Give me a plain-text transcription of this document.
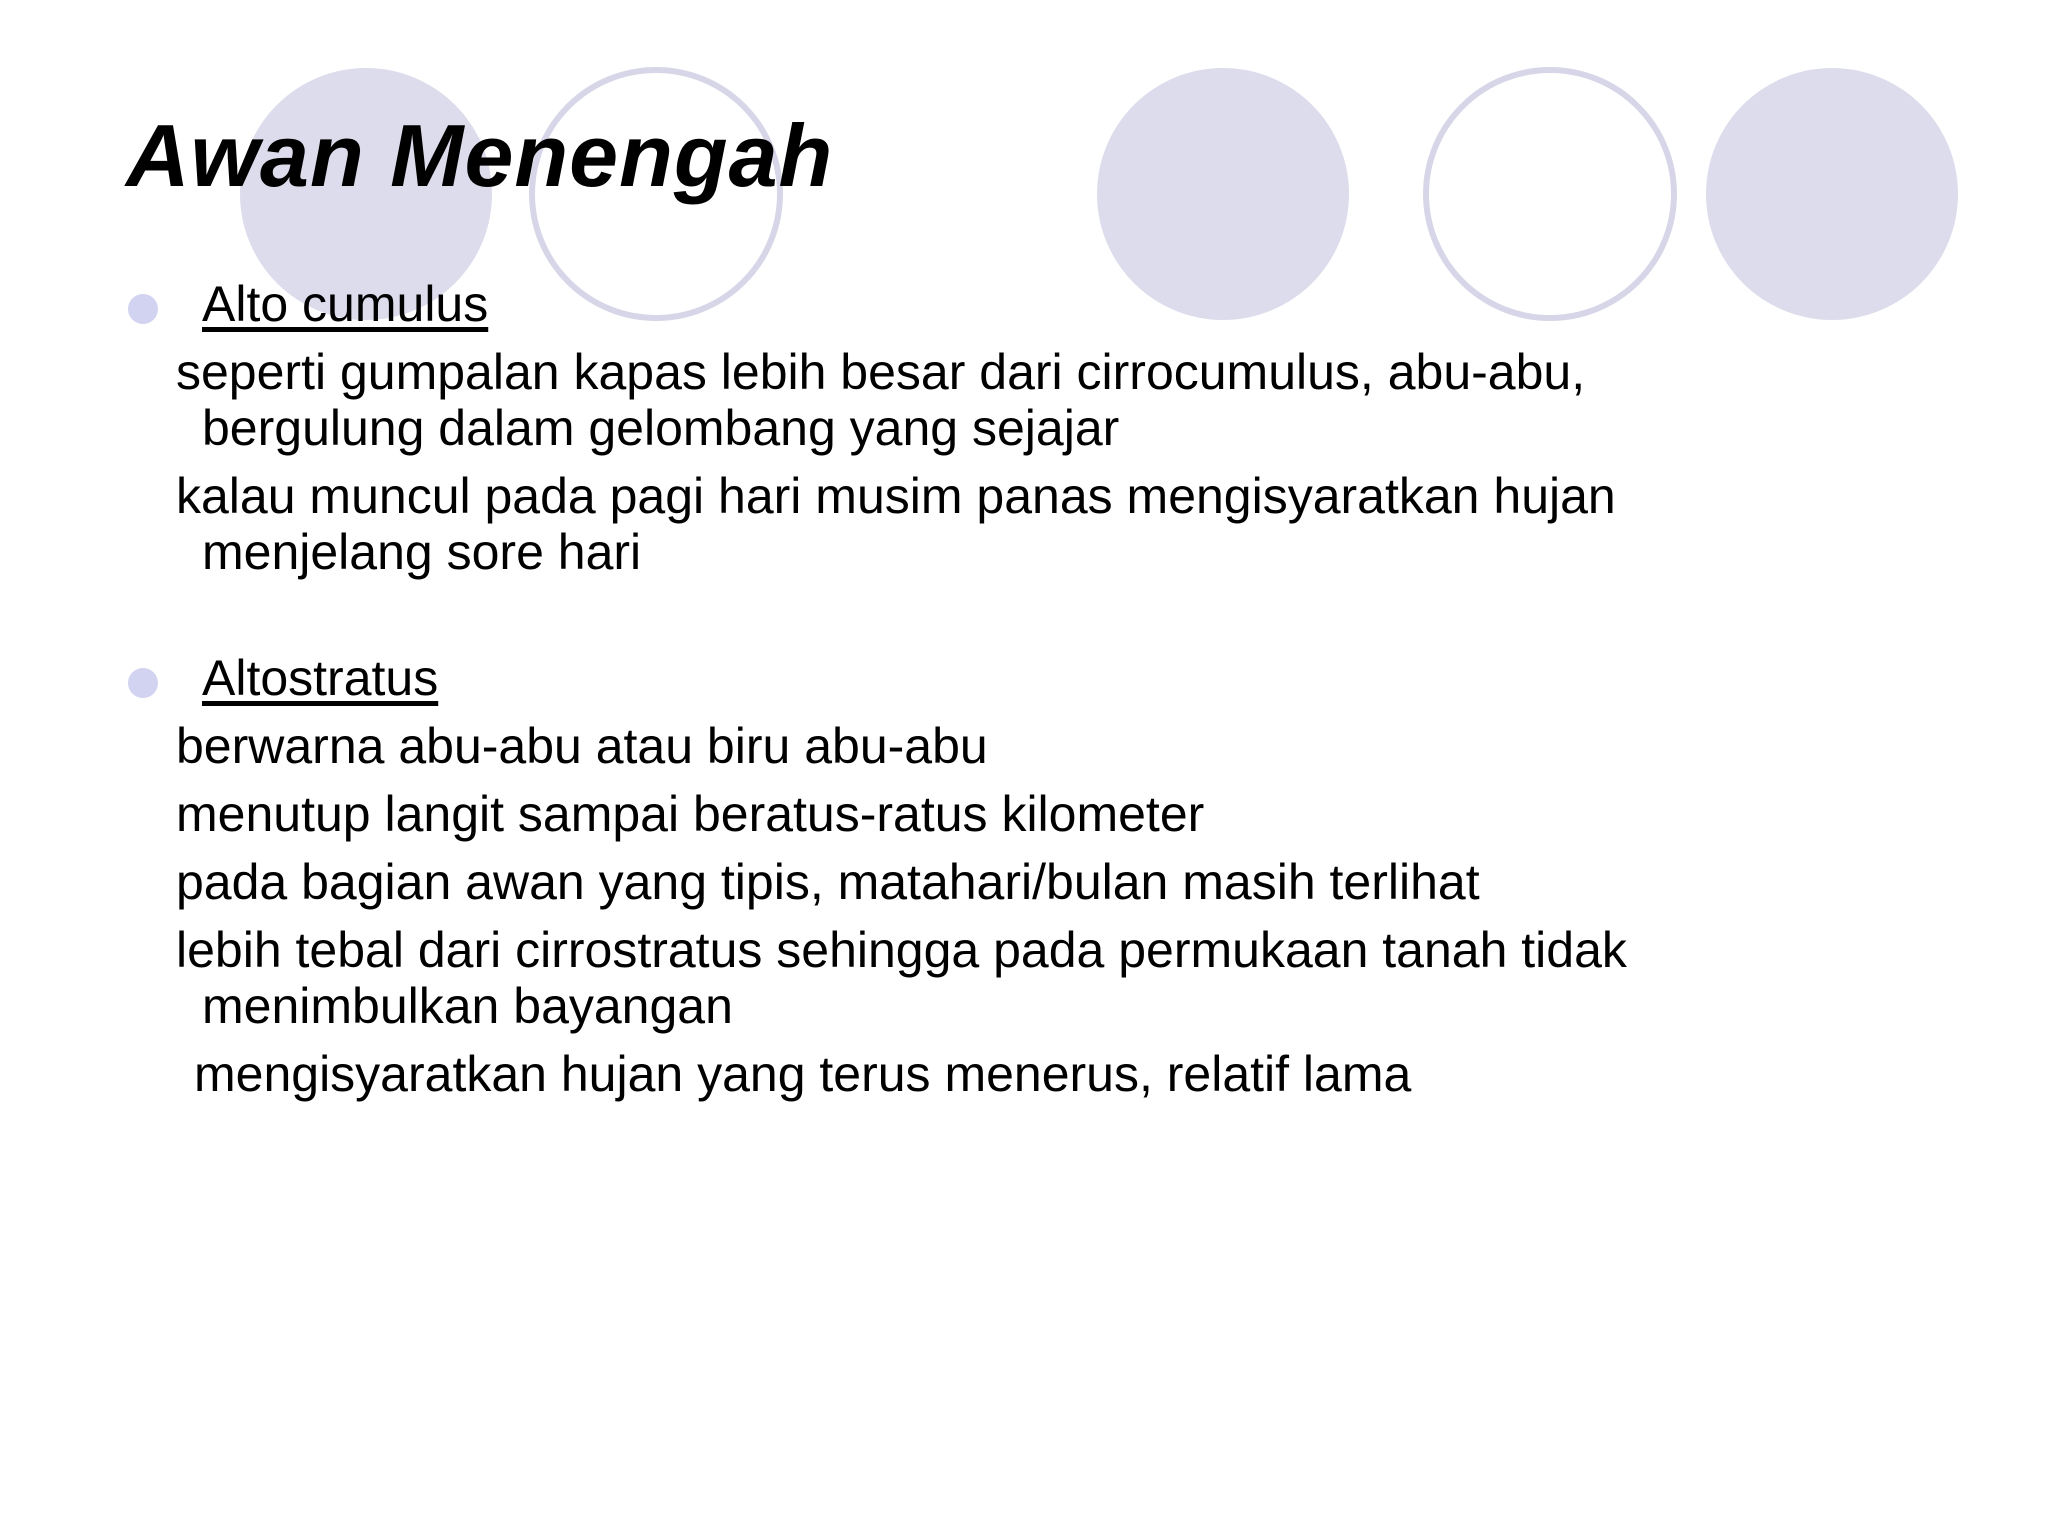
Awan Menengah
Alto cumulus
seperti gumpalan kapas lebih besar dari cirrocumulus, abu-abu, bergulung dalam gelombang yang sejajar
kalau muncul pada pagi hari musim panas mengisyaratkan hujan menjelang sore hari
Altostratus
berwarna abu-abu atau biru abu-abu
menutup langit sampai beratus-ratus kilometer
pada bagian awan yang tipis, matahari/bulan masih terlihat
lebih tebal dari cirrostratus sehingga pada permukaan tanah tidak menimbulkan bayangan
mengisyaratkan hujan yang terus menerus, relatif lama
